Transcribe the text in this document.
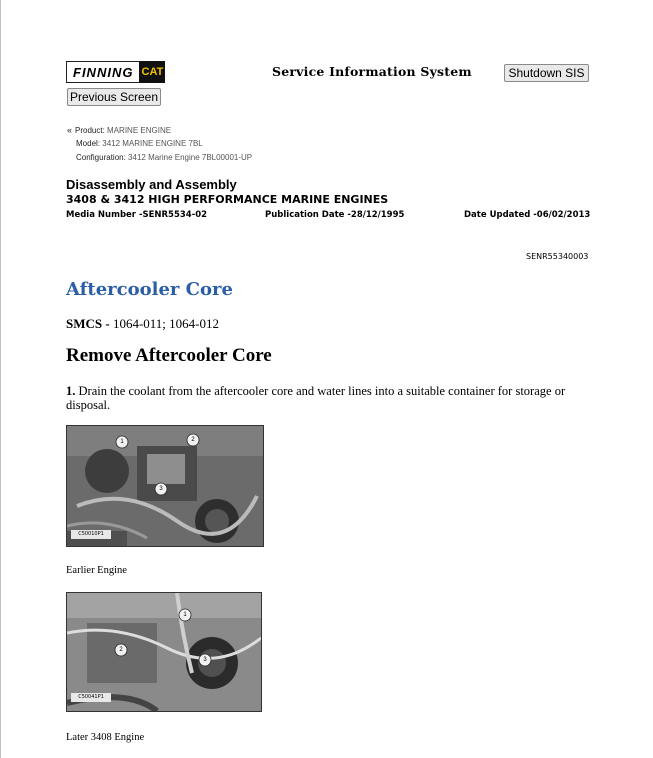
FINNING CAT	Service Information System	Shutdown SIS
Previous Screen
« Product: MARINE ENGINE
Model: 3412 MARINE ENGINE 7BL
Configuration: 3412 Marine Engine 7BL00001-UP
Disassembly and Assembly
3408 & 3412 HIGH PERFORMANCE MARINE ENGINES
Media Number -SENR5534-02	Publication Date -28/12/1995	Date Updated -06/02/2013
SENR55340003
Aftercooler Core
SMCS - 1064-011; 1064-012
Remove Aftercooler Core
1. Drain the coolant from the aftercooler core and water lines into a suitable container for storage or disposal.
C50010P1
1	2
3
Earlier Engine
C50041P1
1
2
3
Later 3408 Engine
